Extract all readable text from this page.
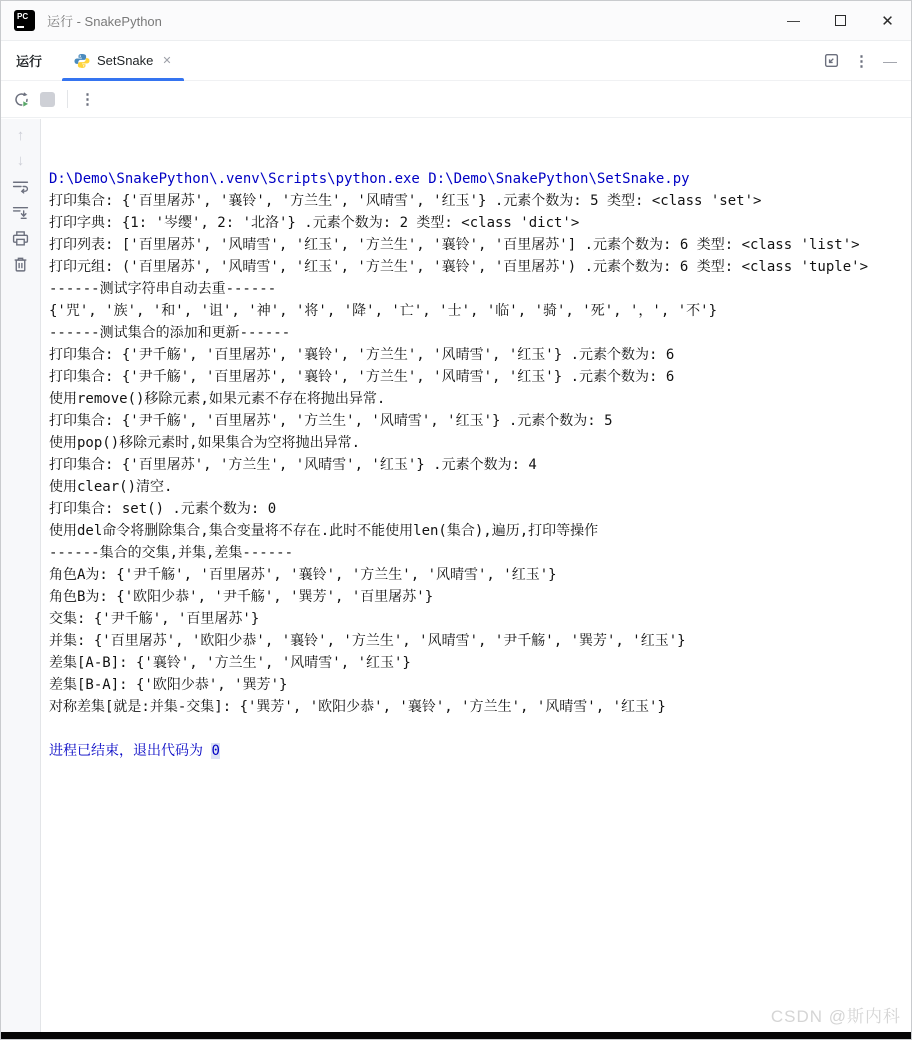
PC 运行 - SnakePython	—	✕
运行	SetSnake ✕	⋮ —
⋮
↑
↓

D:\Demo\SnakePython\.venv\Scripts\python.exe D:\Demo\SnakePython\SetSnake.py
打印集合: {'百里屠苏', '襄铃', '方兰生', '风晴雪', '红玉'} .元素个数为: 5 类型: <class 'set'>
打印字典: {1: '岑缨', 2: '北洛'} .元素个数为: 2 类型: <class 'dict'>
打印列表: ['百里屠苏', '风晴雪', '红玉', '方兰生', '襄铃', '百里屠苏'] .元素个数为: 6 类型: <class 'list'>
打印元组: ('百里屠苏', '风晴雪', '红玉', '方兰生', '襄铃', '百里屠苏') .元素个数为: 6 类型: <class 'tuple'>
------测试字符串自动去重------
{'咒', '族', '和', '诅', '神', '将', '降', '亡', '士', '临', '骑', '死', '，', '不'}
------测试集合的添加和更新------
打印集合: {'尹千觞', '百里屠苏', '襄铃', '方兰生', '风晴雪', '红玉'} .元素个数为: 6
打印集合: {'尹千觞', '百里屠苏', '襄铃', '方兰生', '风晴雪', '红玉'} .元素个数为: 6
使用remove()移除元素,如果元素不存在将抛出异常.
打印集合: {'尹千觞', '百里屠苏', '方兰生', '风晴雪', '红玉'} .元素个数为: 5
使用pop()移除元素时,如果集合为空将抛出异常.
打印集合: {'百里屠苏', '方兰生', '风晴雪', '红玉'} .元素个数为: 4
使用clear()清空.
打印集合: set() .元素个数为: 0
使用del命令将删除集合,集合变量将不存在.此时不能使用len(集合),遍历,打印等操作
------集合的交集,并集,差集------
角色A为: {'尹千觞', '百里屠苏', '襄铃', '方兰生', '风晴雪', '红玉'}
角色B为: {'欧阳少恭', '尹千觞', '巽芳', '百里屠苏'}
交集: {'尹千觞', '百里屠苏'}
并集: {'百里屠苏', '欧阳少恭', '襄铃', '方兰生', '风晴雪', '尹千觞', '巽芳', '红玉'}
差集[A-B]: {'襄铃', '方兰生', '风晴雪', '红玉'}
差集[B-A]: {'欧阳少恭', '巽芳'}
对称差集[就是:并集-交集]: {'巽芳', '欧阳少恭', '襄铃', '方兰生', '风晴雪', '红玉'}

进程已结束，退出代码为 0

CSDN @斯内科
